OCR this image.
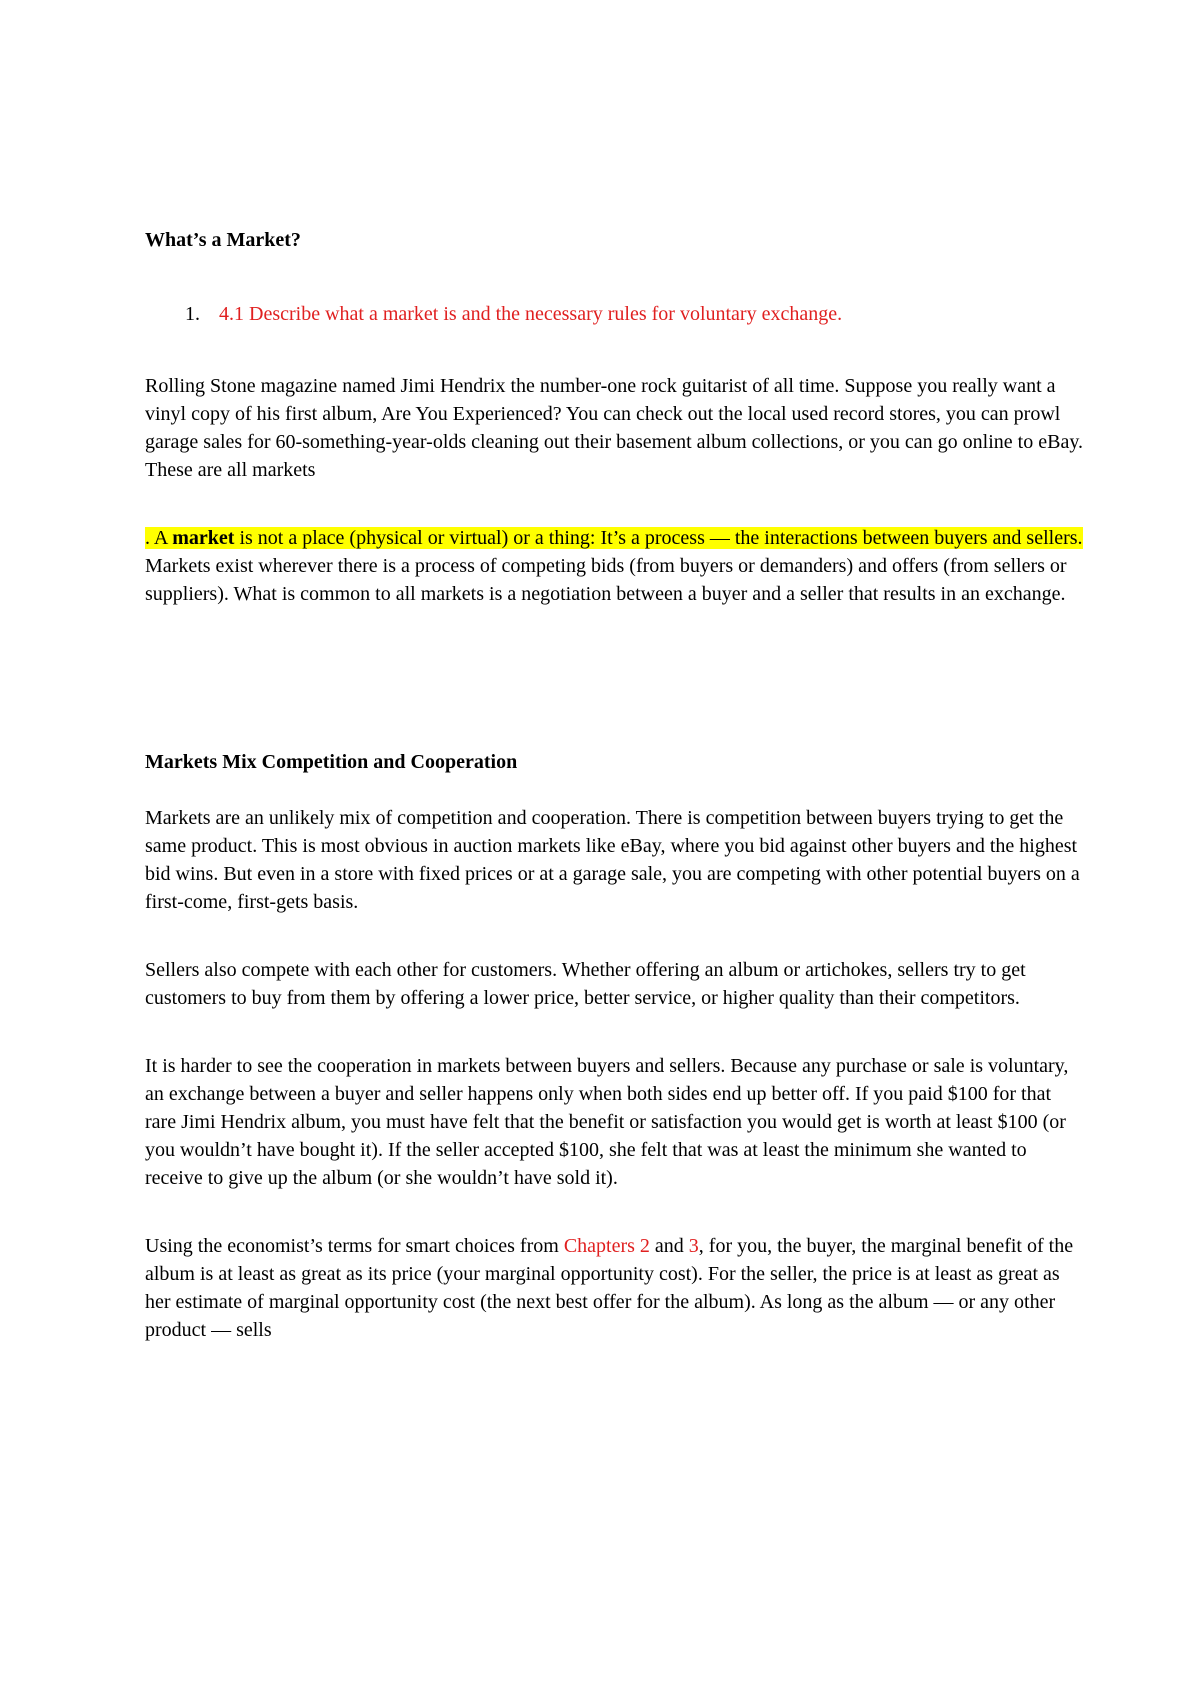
What’s a Market?

1. 4.1 Describe what a market is and the necessary rules for voluntary exchange.

Rolling Stone magazine named Jimi Hendrix the number-one rock guitarist of all time. Suppose you really want a vinyl copy of his first album, Are You Experienced? You can check out the local used record stores, you can prowl garage sales for 60-something-year-olds cleaning out their basement album collections, or you can go online to eBay. These are all markets

. A market is not a place (physical or virtual) or a thing: It’s a process — the interactions between buyers and sellers. Markets exist wherever there is a process of competing bids (from buyers or demanders) and offers (from sellers or suppliers). What is common to all markets is a negotiation between a buyer and a seller that results in an exchange.

Markets Mix Competition and Cooperation

Markets are an unlikely mix of competition and cooperation. There is competition between buyers trying to get the same product. This is most obvious in auction markets like eBay, where you bid against other buyers and the highest bid wins. But even in a store with fixed prices or at a garage sale, you are competing with other potential buyers on a first-come, first-gets basis.

Sellers also compete with each other for customers. Whether offering an album or artichokes, sellers try to get customers to buy from them by offering a lower price, better service, or higher quality than their competitors.

It is harder to see the cooperation in markets between buyers and sellers. Because any purchase or sale is voluntary, an exchange between a buyer and seller happens only when both sides end up better off. If you paid $100 for that rare Jimi Hendrix album, you must have felt that the benefit or satisfaction you would get is worth at least $100 (or you wouldn’t have bought it). If the seller accepted $100, she felt that was at least the minimum she wanted to receive to give up the album (or she wouldn’t have sold it).

Using the economist’s terms for smart choices from Chapters 2 and 3, for you, the buyer, the marginal benefit of the album is at least as great as its price (your marginal opportunity cost). For the seller, the price is at least as great as her estimate of marginal opportunity cost (the next best offer for the album). As long as the album — or any other product — sells
